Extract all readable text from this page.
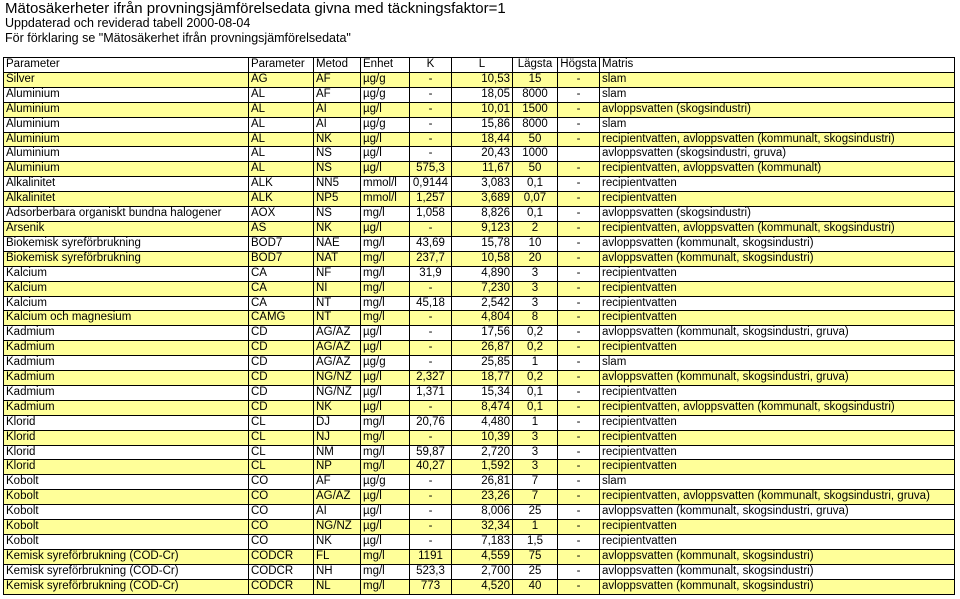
Mätosäkerheter ifrån provningsjämförelsedata givna med täckningsfaktor=1
Uppdaterad och reviderad tabell 2000-08-04
För förklaring se "Mätosäkerhet ifrån provningsjämförelsedata"
Parameter	Parameter	Metod	Enhet	K	L	Lägsta	Högsta	Matris
Silver	AG	AF	µg/g	-	10,53	15	-	slam
Aluminium	AL	AF	µg/g	-	18,05	8000	-	slam
Aluminium	AL	AI	µg/l	-	10,01	1500	-	avloppsvatten (skogsindustri)
Aluminium	AL	AI	µg/g	-	15,86	8000	-	slam
Aluminium	AL	NK	µg/l	-	18,44	50	-	recipientvatten, avloppsvatten (kommunalt, skogsindustri)
Aluminium	AL	NS	µg/l	-	20,43	1000		avloppsvatten (skogsindustri, gruva)
Aluminium	AL	NS	µg/l	575,3	11,67	50	-	recipientvatten, avloppsvatten (kommunalt)
Alkalinitet	ALK	NN5	mmol/l	0,9144	3,083	0,1	-	recipientvatten
Alkalinitet	ALK	NP5	mmol/l	1,257	3,689	0,07	-	recipientvatten
Adsorberbara organiskt bundna halogener	AOX	NS	mg/l	1,058	8,826	0,1	-	avloppsvatten (skogsindustri)
Arsenik	AS	NK	µg/l	-	9,123	2	-	recipientvatten, avloppsvatten (kommunalt, skogsindustri)
Biokemisk syreförbrukning	BOD7	NAE	mg/l	43,69	15,78	10	-	avloppsvatten (kommunalt, skogsindustri)
Biokemisk syreförbrukning	BOD7	NAT	mg/l	237,7	10,58	20	-	avloppsvatten (kommunalt, skogsindustri)
Kalcium	CA	NF	mg/l	31,9	4,890	3	-	recipientvatten
Kalcium	CA	NI	mg/l	-	7,230	3	-	recipientvatten
Kalcium	CA	NT	mg/l	45,18	2,542	3	-	recipientvatten
Kalcium och magnesium	CAMG	NT	mg/l	-	4,804	8	-	recipientvatten
Kadmium	CD	AG/AZ	µg/l	-	17,56	0,2	-	avloppsvatten (kommunalt, skogsindustri, gruva)
Kadmium	CD	AG/AZ	µg/l	-	26,87	0,2	-	recipientvatten
Kadmium	CD	AG/AZ	µg/g	-	25,85	1	-	slam
Kadmium	CD	NG/NZ	µg/l	2,327	18,77	0,2	-	avloppsvatten (kommunalt, skogsindustri, gruva)
Kadmium	CD	NG/NZ	µg/l	1,371	15,34	0,1	-	recipientvatten
Kadmium	CD	NK	µg/l	-	8,474	0,1	-	recipientvatten, avloppsvatten (kommunalt, skogsindustri)
Klorid	CL	DJ	mg/l	20,76	4,480	1	-	recipientvatten
Klorid	CL	NJ	mg/l	-	10,39	3	-	recipientvatten
Klorid	CL	NM	mg/l	59,87	2,720	3	-	recipientvatten
Klorid	CL	NP	mg/l	40,27	1,592	3	-	recipientvatten
Kobolt	CO	AF	µg/g	-	26,81	7	-	slam
Kobolt	CO	AG/AZ	µg/l	-	23,26	7	-	recipientvatten, avloppsvatten (kommunalt, skogsindustri, gruva)
Kobolt	CO	AI	µg/l	-	8,006	25	-	avloppsvatten (kommunalt, skogsindustri, gruva)
Kobolt	CO	NG/NZ	µg/l	-	32,34	1	-	recipientvatten
Kobolt	CO	NK	µg/l	-	7,183	1,5	-	recipientvatten
Kemisk syreförbrukning (COD-Cr)	CODCR	FL	mg/l	1191	4,559	75	-	avloppsvatten (kommunalt, skogsindustri)
Kemisk syreförbrukning (COD-Cr)	CODCR	NH	mg/l	523,3	2,700	25	-	avloppsvatten (kommunalt, skogsindustri)
Kemisk syreförbrukning (COD-Cr)	CODCR	NL	mg/l	773	4,520	40	-	avloppsvatten (kommunalt, skogsindustri)
